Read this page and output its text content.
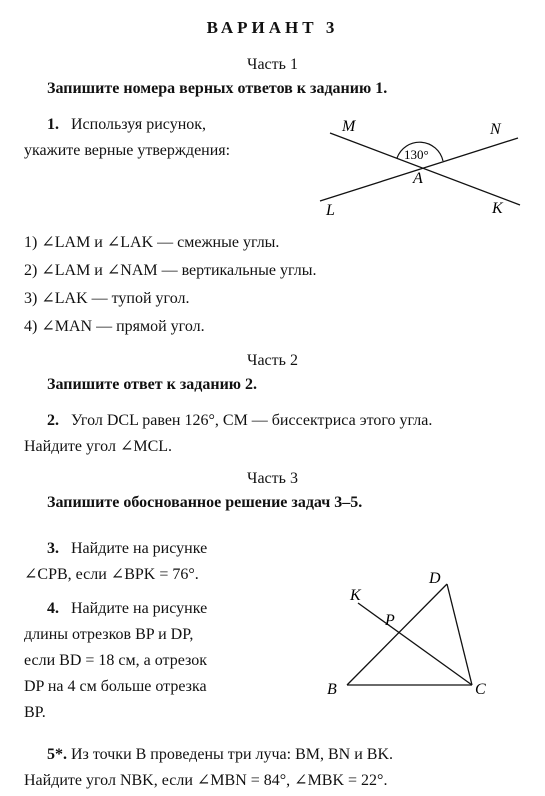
ВАРИАНТ 3
Часть 1
Запишите номера верных ответов к заданию 1.
1. Используя рисунок,
укажите верные утверждения:
M	N
L	K
A
130°
1) ∠LAM и ∠LAK — смежные углы.
2) ∠LAM и ∠NAM — вертикальные углы.
3) ∠LAK — тупой угол.
4) ∠MAN — прямой угол.
Часть 2
Запишите ответ к заданию 2.
2. Угол DCL равен 126°, CM — биссектриса этого угла.
Найдите угол ∠MCL.
Часть 3
Запишите обоснованное решение задач 3–5.
3. Найдите на рисунке
∠CPB, если ∠BPK = 76°.
4. Найдите на рисунке
длины отрезков BP и DP,
если BD = 18 см, а отрезок
DP на 4 см больше отрезка
BP.
K
D
P
B	C
5*. Из точки B проведены три луча: BM, BN и BK.
Найдите угол NBK, если ∠MBN = 84°, ∠MBK = 22°.
